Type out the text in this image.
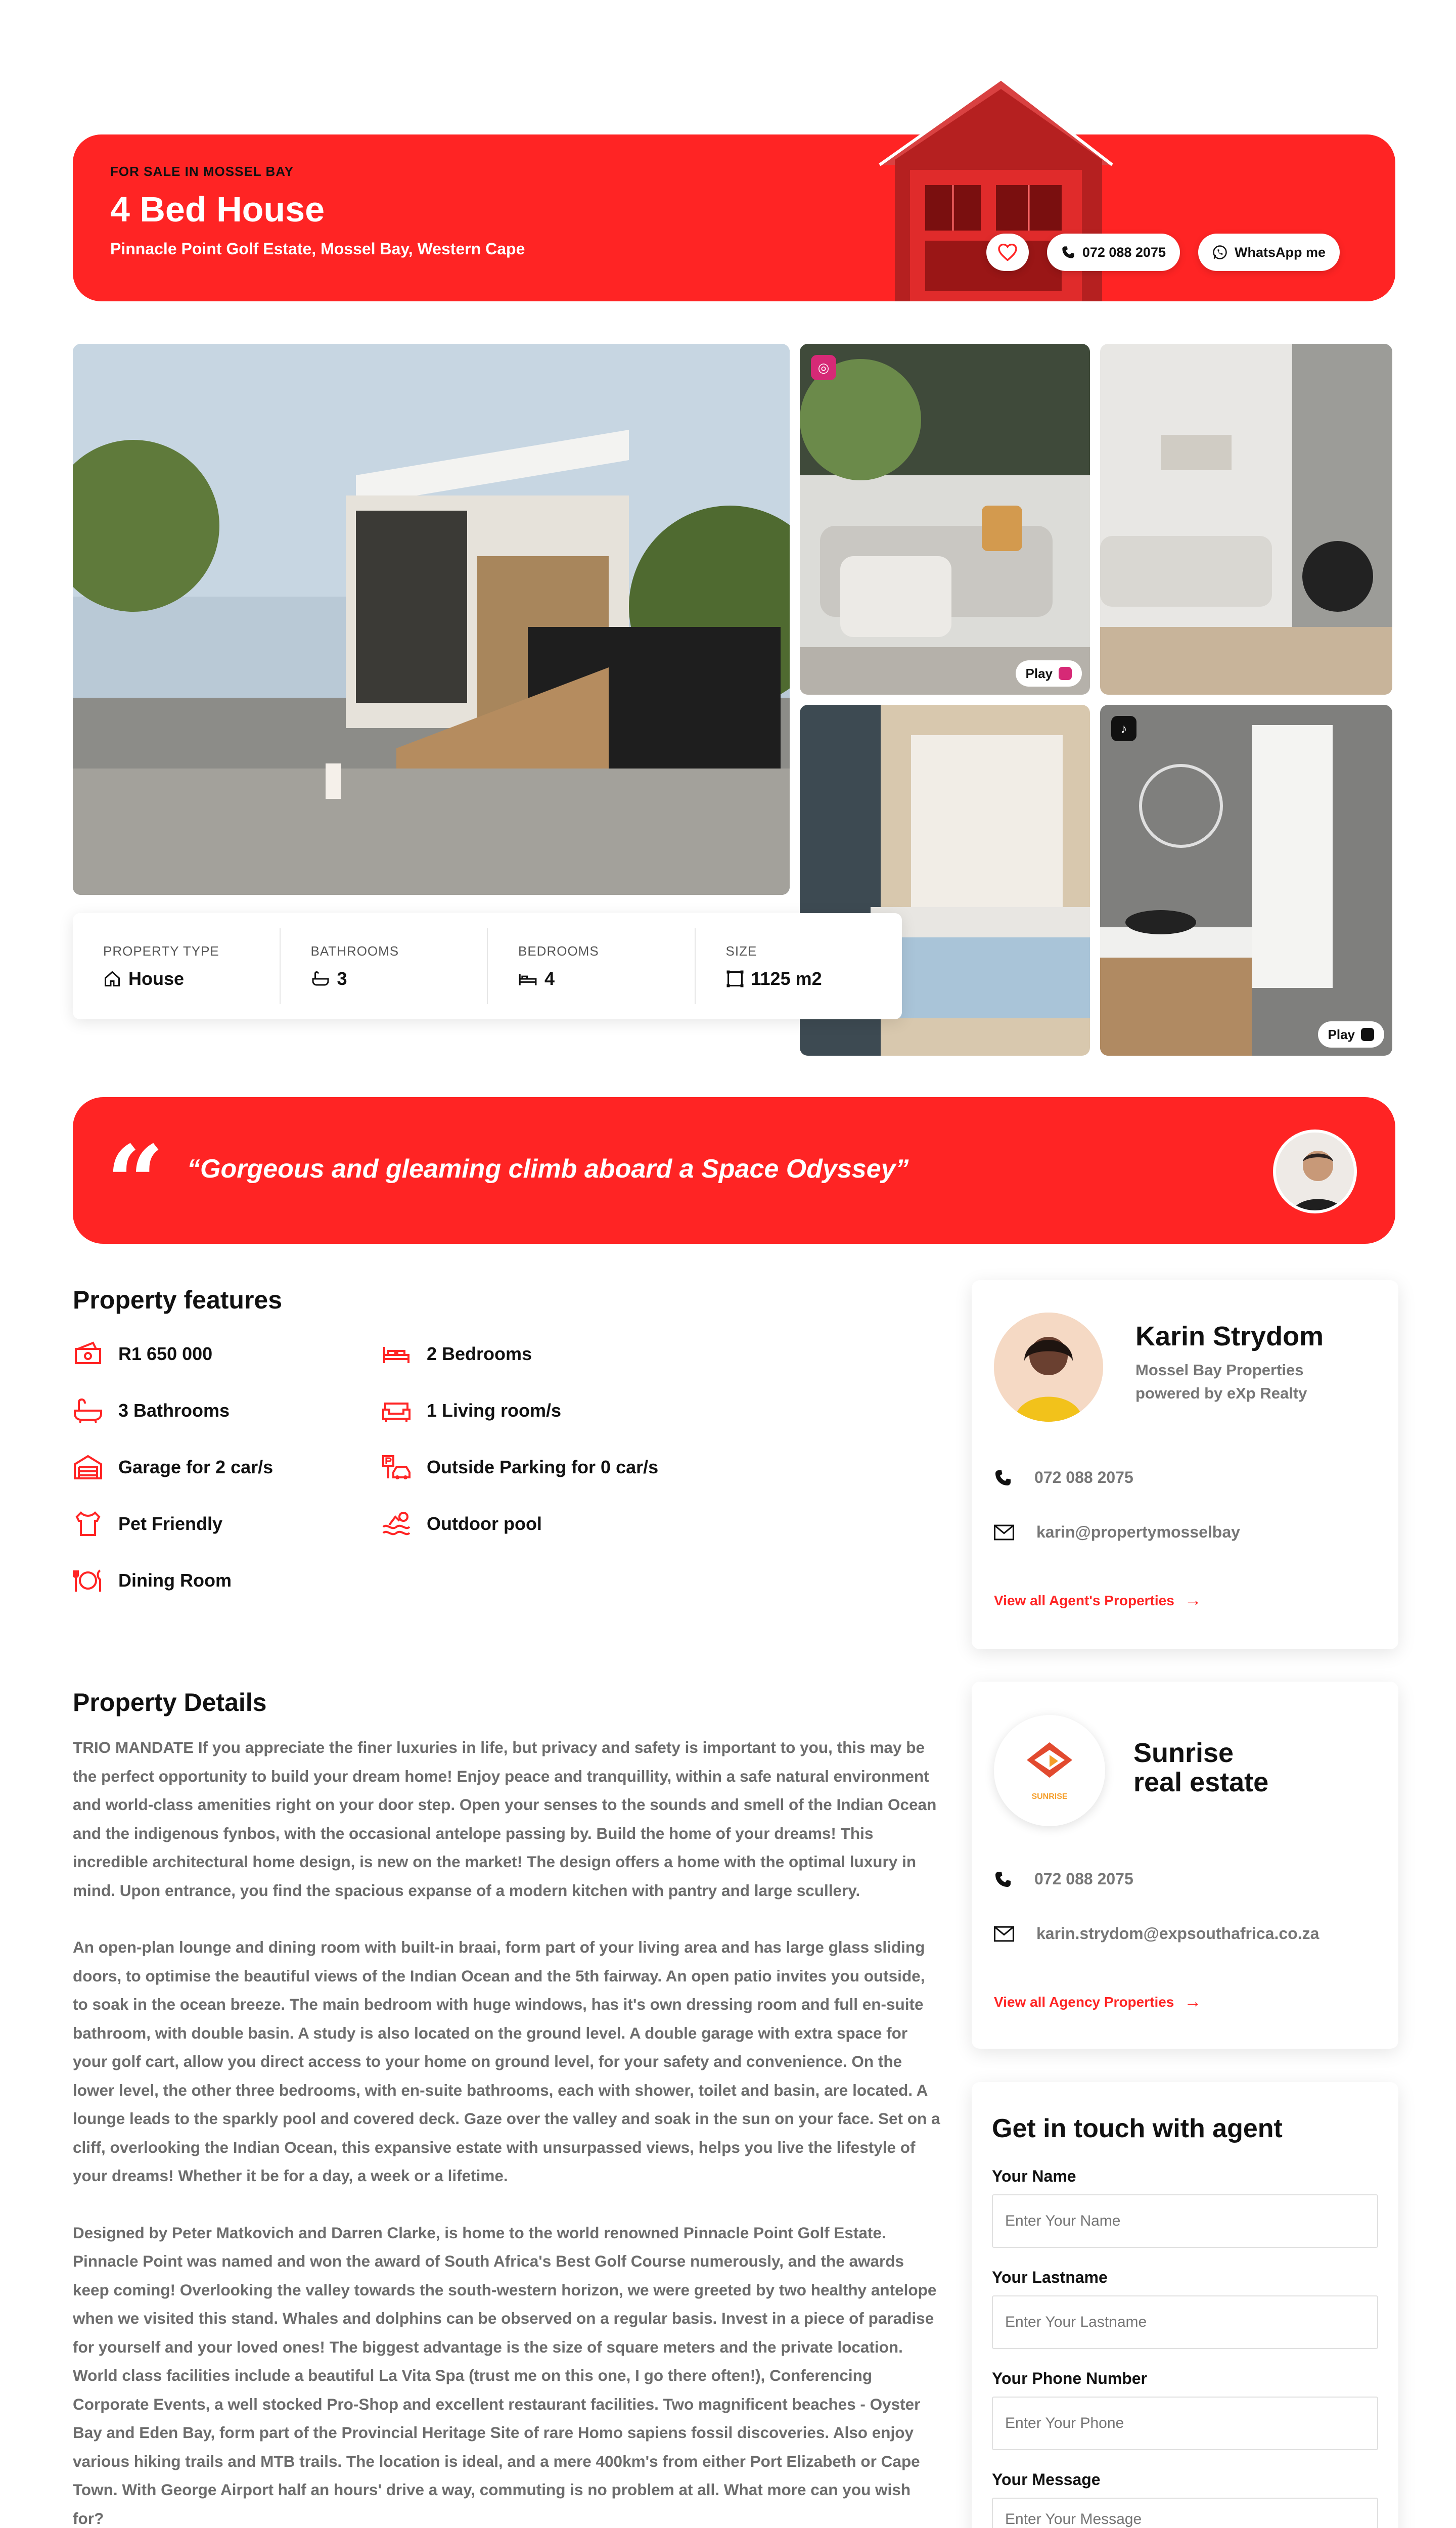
FOR SALE IN MOSSEL BAY
4 Bed House
Pinnacle Point Golf Estate, Mossel Bay, Western Cape	072 088 2075	WhatsApp me
◎
Play
♪
Play
PROPERTY TYPE
House
BATHROOMS
3
BEDROOMS
4
SIZE
1125 m2
“ “Gorgeous and gleaming climb aboard a Space Odyssey”
Property features
R1 650 000	2 Bedrooms
3 Bathrooms	1 Living room/s
Garage for 2 car/s	Outside Parking for 0 car/s
Pet Friendly	Outdoor pool
Dining Room
Property Details

TRIO MANDATE If you appreciate the finer luxuries in life, but privacy and safety is important to you, this may be the perfect opportunity to build your dream home! Enjoy peace and tranquillity, within a safe natural environment and world-class amenities right on your door step. Open your senses to the sounds and smell of the Indian Ocean and the indigenous fynbos, with the occasional antelope passing by. Build the home of your dreams! This incredible architectural home design, is new on the market! The design offers a home with the optimal luxury in mind. Upon entrance, you find the spacious expanse of a modern kitchen with pantry and large scullery.

An open-plan lounge and dining room with built-in braai, form part of your living area and has large glass sliding doors, to optimise the beautiful views of the Indian Ocean and the 5th fairway. An open patio invites you outside, to soak in the ocean breeze. The main bedroom with huge windows, has it's own dressing room and full en-suite bathroom, with double basin. A study is also located on the ground level. A double garage with extra space for your golf cart, allow you direct access to your home on ground level, for your safety and convenience. On the lower level, the other three bedrooms, with en-suite bathrooms, each with shower, toilet and basin, are located. A lounge leads to the sparkly pool and covered deck. Gaze over the valley and soak in the sun on your face. Set on a cliff, overlooking the Indian Ocean, this expansive estate with unsurpassed views, helps you live the lifestyle of your dreams! Whether it be for a day, a week or a lifetime.

Designed by Peter Matkovich and Darren Clarke, is home to the world renowned Pinnacle Point Golf Estate. Pinnacle Point was named and won the award of South Africa's Best Golf Course numerously, and the awards keep coming! Overlooking the valley towards the south-western horizon, we were greeted by two healthy antelope when we visited this stand. Whales and dolphins can be observed on a regular basis. Invest in a piece of paradise for yourself and your loved ones! The biggest advantage is the size of square meters and the private location. World class facilities include a beautiful La Vita Spa (trust me on this one, I go there often!), Conferencing Corporate Events, a well stocked Pro-Shop and excellent restaurant facilities. Two magnificent beaches - Oyster Bay and Eden Bay, form part of the Provincial Heritage Site of rare Homo sapiens fossil discoveries. Also enjoy various hiking trails and MTB trails. The location is ideal, and a mere 400km's from either Port Elizabeth or Cape Town. With George Airport half an hours' drive a way, commuting is no problem at all. What more can you wish for?

Karin Strydom
Mossel Bay Properties
powered by eXp Realty
072 088 2075
karin@propertymosselbay
View all Agent's Properties →
SUNRISE
Sunrise
real estate
072 088 2075
karin.strydom@expsouthafrica.co.za
View all Agency Properties →
Get in touch with agent
Your Name
Enter Your Name
Your Lastname
Enter Your Lastname
Your Phone Number
Enter Your Phone
Your Message
Enter Your Message
